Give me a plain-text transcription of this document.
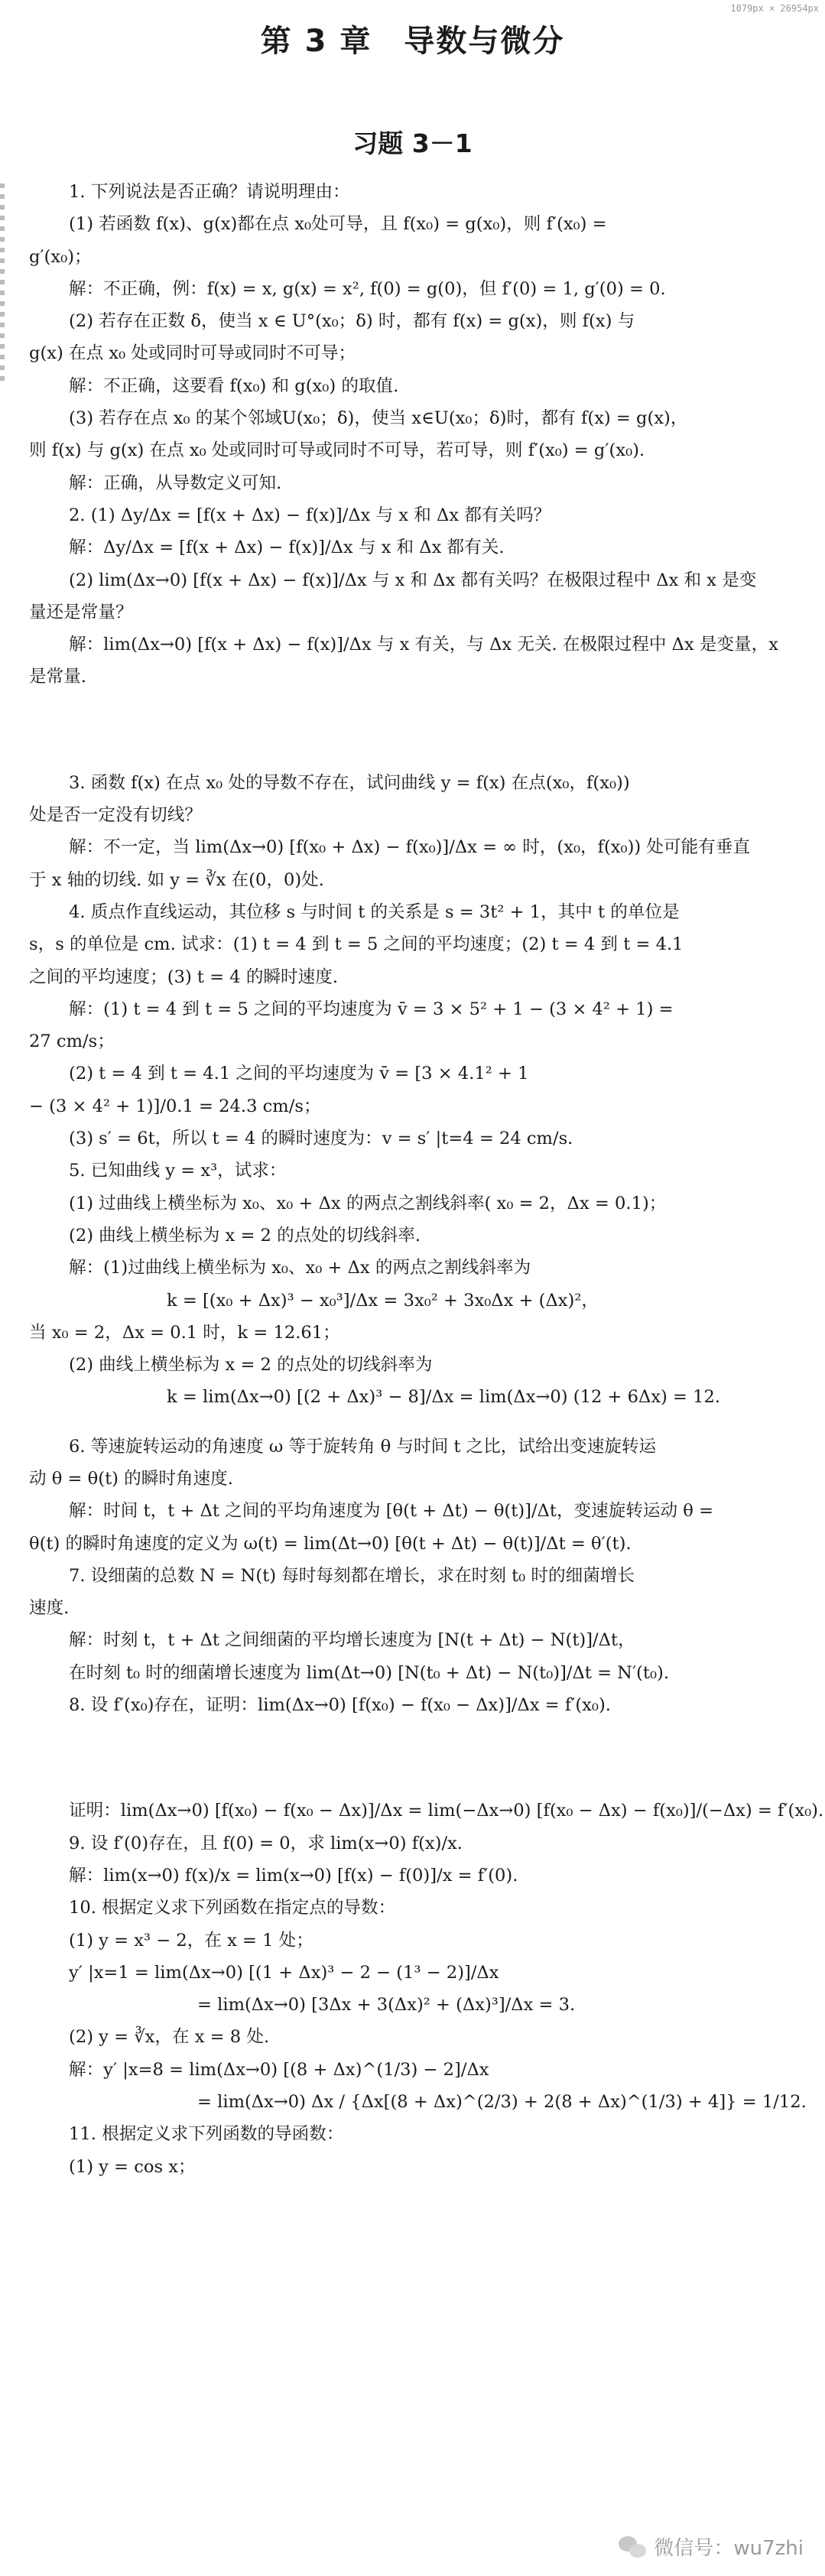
1079px × 26954px
第 3 章　导数与微分
习题 3－1
1. 下列说法是否正确？请说明理由：
(1) 若函数 f(x)、g(x)都在点 x₀处可导，且 f(x₀) = g(x₀)，则 f′(x₀) =
g′(x₀)；
解：不正确，例：f(x) = x, g(x) = x², f(0) = g(0)，但 f′(0) = 1, g′(0) = 0.
(2) 若存在正数 δ，使当 x ∈ U°(x₀；δ) 时，都有 f(x) = g(x)，则 f(x) 与
g(x) 在点 x₀ 处或同时可导或同时不可导；
解：不正确，这要看 f(x₀) 和 g(x₀) 的取值.
(3) 若存在点 x₀ 的某个邻域U(x₀；δ)，使当 x∈U(x₀；δ)时，都有 f(x) = g(x)，
则 f(x) 与 g(x) 在点 x₀ 处或同时可导或同时不可导，若可导，则 f′(x₀) = g′(x₀).
解：正确，从导数定义可知.
2. (1) Δy/Δx = [f(x + Δx) − f(x)]/Δx 与 x 和 Δx 都有关吗？
解：Δy/Δx = [f(x + Δx) − f(x)]/Δx 与 x 和 Δx 都有关.
(2) lim(Δx→0) [f(x + Δx) − f(x)]/Δx 与 x 和 Δx 都有关吗？在极限过程中 Δx 和 x 是变
量还是常量？
解：lim(Δx→0) [f(x + Δx) − f(x)]/Δx 与 x 有关，与 Δx 无关. 在极限过程中 Δx 是变量，x
是常量.
3. 函数 f(x) 在点 x₀ 处的导数不存在，试问曲线 y = f(x) 在点(x₀，f(x₀))
处是否一定没有切线？
解：不一定，当 lim(Δx→0) [f(x₀ + Δx) − f(x₀)]/Δx = ∞ 时，(x₀，f(x₀)) 处可能有垂直
于 x 轴的切线. 如 y = ∛x 在(0，0)处.
4. 质点作直线运动，其位移 s 与时间 t 的关系是 s = 3t² + 1，其中 t 的单位是
s，s 的单位是 cm. 试求：(1) t = 4 到 t = 5 之间的平均速度；(2) t = 4 到 t = 4.1
之间的平均速度；(3) t = 4 的瞬时速度.
解：(1) t = 4 到 t = 5 之间的平均速度为 v̄ = 3 × 5² + 1 − (3 × 4² + 1) =
27 cm/s；
(2) t = 4 到 t = 4.1 之间的平均速度为 v̄ = [3 × 4.1² + 1
− (3 × 4² + 1)]/0.1 = 24.3 cm/s；
(3) s′ = 6t，所以 t = 4 的瞬时速度为：v = s′ |t=4 = 24 cm/s.
5. 已知曲线 y = x³，试求：
(1) 过曲线上横坐标为 x₀、x₀ + Δx 的两点之割线斜率( x₀ = 2，Δx = 0.1)；
(2) 曲线上横坐标为 x = 2 的点处的切线斜率.
解：(1)过曲线上横坐标为 x₀、x₀ + Δx 的两点之割线斜率为
k = [(x₀ + Δx)³ − x₀³]/Δx = 3x₀² + 3x₀Δx + (Δx)²，
当 x₀ = 2，Δx = 0.1 时，k = 12.61；
(2) 曲线上横坐标为 x = 2 的点处的切线斜率为
k = lim(Δx→0) [(2 + Δx)³ − 8]/Δx = lim(Δx→0) (12 + 6Δx) = 12.
6. 等速旋转运动的角速度 ω 等于旋转角 θ 与时间 t 之比，试给出变速旋转运
动 θ = θ(t) 的瞬时角速度.
解：时间 t，t + Δt 之间的平均角速度为 [θ(t + Δt) − θ(t)]/Δt，变速旋转运动 θ =
θ(t) 的瞬时角速度的定义为 ω(t) = lim(Δt→0) [θ(t + Δt) − θ(t)]/Δt = θ′(t).
7. 设细菌的总数 N = N(t) 每时每刻都在增长，求在时刻 t₀ 时的细菌增长
速度.
解：时刻 t，t + Δt 之间细菌的平均增长速度为 [N(t + Δt) − N(t)]/Δt，
在时刻 t₀ 时的细菌增长速度为 lim(Δt→0) [N(t₀ + Δt) − N(t₀)]/Δt = N′(t₀).
8. 设 f′(x₀)存在，证明：lim(Δx→0) [f(x₀) − f(x₀ − Δx)]/Δx = f′(x₀).
证明：lim(Δx→0) [f(x₀) − f(x₀ − Δx)]/Δx = lim(−Δx→0) [f(x₀ − Δx) − f(x₀)]/(−Δx) = f′(x₀).
9. 设 f′(0)存在，且 f(0) = 0，求 lim(x→0) f(x)/x.
解：lim(x→0) f(x)/x = lim(x→0) [f(x) − f(0)]/x = f′(0).
10. 根据定义求下列函数在指定点的导数：
(1) y = x³ − 2，在 x = 1 处；
y′ |x=1 = lim(Δx→0) [(1 + Δx)³ − 2 − (1³ − 2)]/Δx
= lim(Δx→0) [3Δx + 3(Δx)² + (Δx)³]/Δx = 3.
(2) y = ∛x，在 x = 8 处.
解：y′ |x=8 = lim(Δx→0) [(8 + Δx)^(1/3) − 2]/Δx
= lim(Δx→0) Δx / {Δx[(8 + Δx)^(2/3) + 2(8 + Δx)^(1/3) + 4]} = 1/12.
11. 根据定义求下列函数的导函数：
(1) y = cos x；
微信号：wu7zhi
